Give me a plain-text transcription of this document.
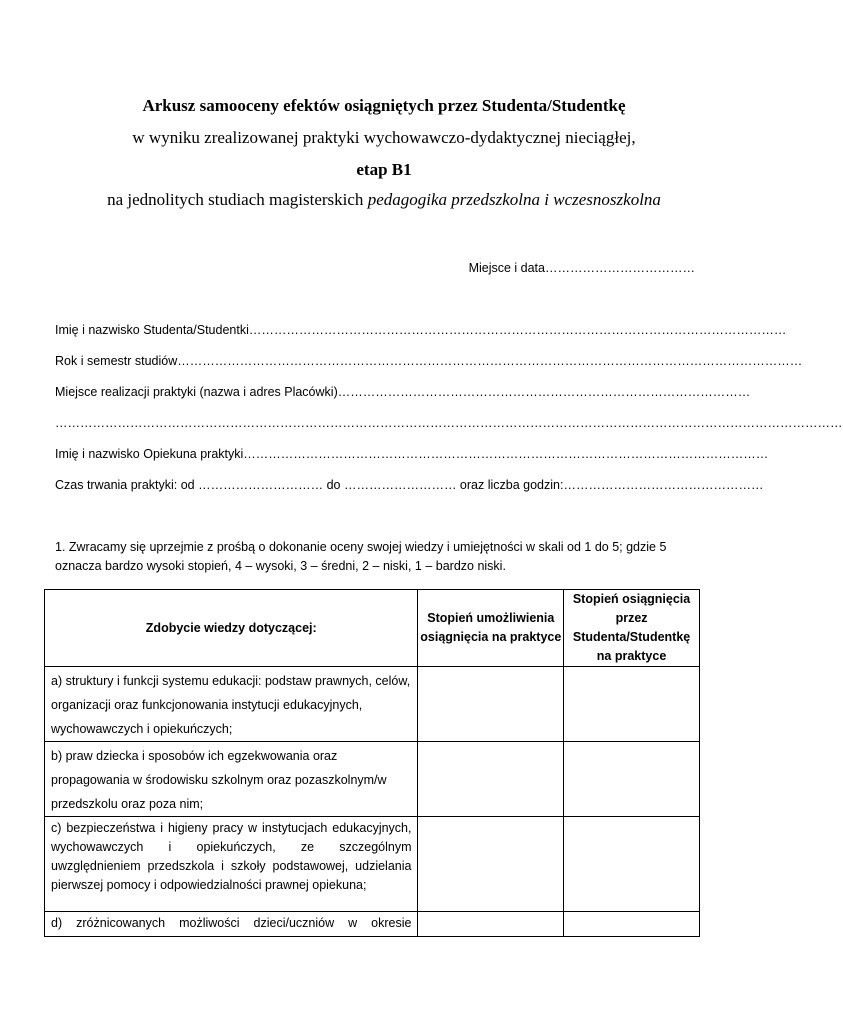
Arkusz samooceny efektów osiągniętych przez Studenta/Studentkę
w wyniku zrealizowanej praktyki wychowawczo-dydaktycznej nieciągłej,
etap B1
na jednolitych studiach magisterskich pedagogika przedszkolna i wczesnoszkolna
Miejsce i data………………………………
Imię i nazwisko Studenta/Studentki…………………………………………………………………………………………………………………
Rok i semestr studiów……………………………………………………………………………………………………………………………………
Miejsce realizacji praktyki (nazwa i adres Placówki)………………………………………………………………………………………
………………………………………………………………………………………………………………………………………………………………………
Imię i nazwisko Opiekuna praktyki………………………………………………………………………………………………………………
Czas trwania praktyki: od ………………………… do ……………………… oraz liczba godzin:…………………………………………
1. Zwracamy się uprzejmie z prośbą o dokonanie oceny swojej wiedzy i umiejętności w skali od 1 do 5; gdzie 5 oznacza bardzo wysoki stopień, 4 – wysoki, 3 – średni, 2 – niski, 1 – bardzo niski.
Zdobycie wiedzy dotyczącej:	Stopień umożliwienia osiągnięcia na praktyce	Stopień osiągnięcia przez Studenta/Studentkę na praktyce

a) struktury i funkcji systemu edukacji: podstaw prawnych, celów, organizacji oraz funkcjonowania instytucji edukacyjnych, wychowawczych i opiekuńczych;		

b) praw dziecka i sposobów ich egzekwowania oraz propagowania w środowisku szkolnym oraz pozaszkolnym/w przedszkolu oraz poza nim;		

c) bezpieczeństwa i higieny pracy w instytucjach edukacyjnych, wychowawczych i opiekuńczych, ze szczególnym uwzględnieniem przedszkola i szkoły podstawowej, udzielania pierwszej pomocy i odpowiedzialności prawnej opiekuna;		

d) zróżnicowanych możliwości dzieci/uczniów w okresie		
